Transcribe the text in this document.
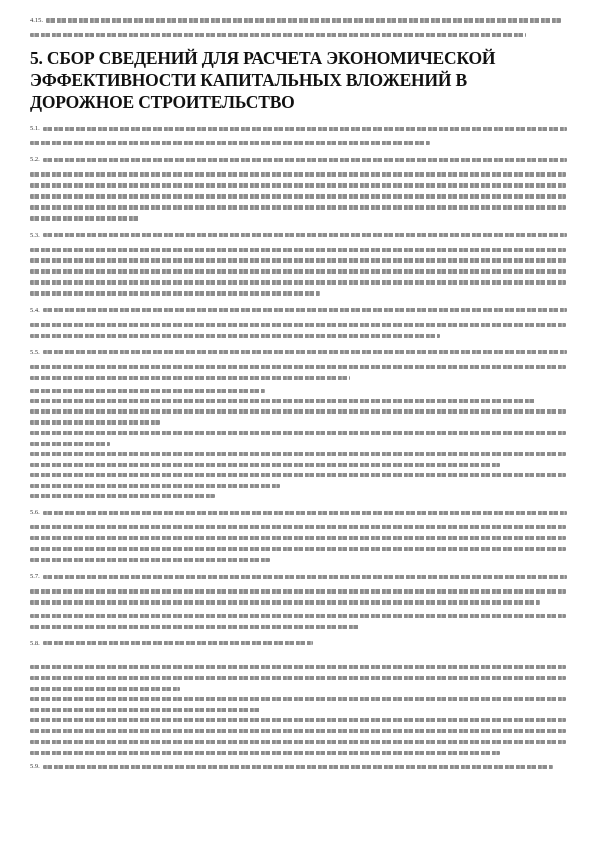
4.15.
5. СБОР СВЕДЕНИЙ ДЛЯ РАСЧЕТА ЭКОНОМИЧЕСКОЙ
ЭФФЕКТИВНОСТИ КАПИТАЛЬНЫХ ВЛОЖЕНИЙ В
ДОРОЖНОЕ СТРОИТЕЛЬСТВО
5.1.
5.2.
5.3.
5.4.
5.5.
5.6.
5.7.
5.8.
5.9.
